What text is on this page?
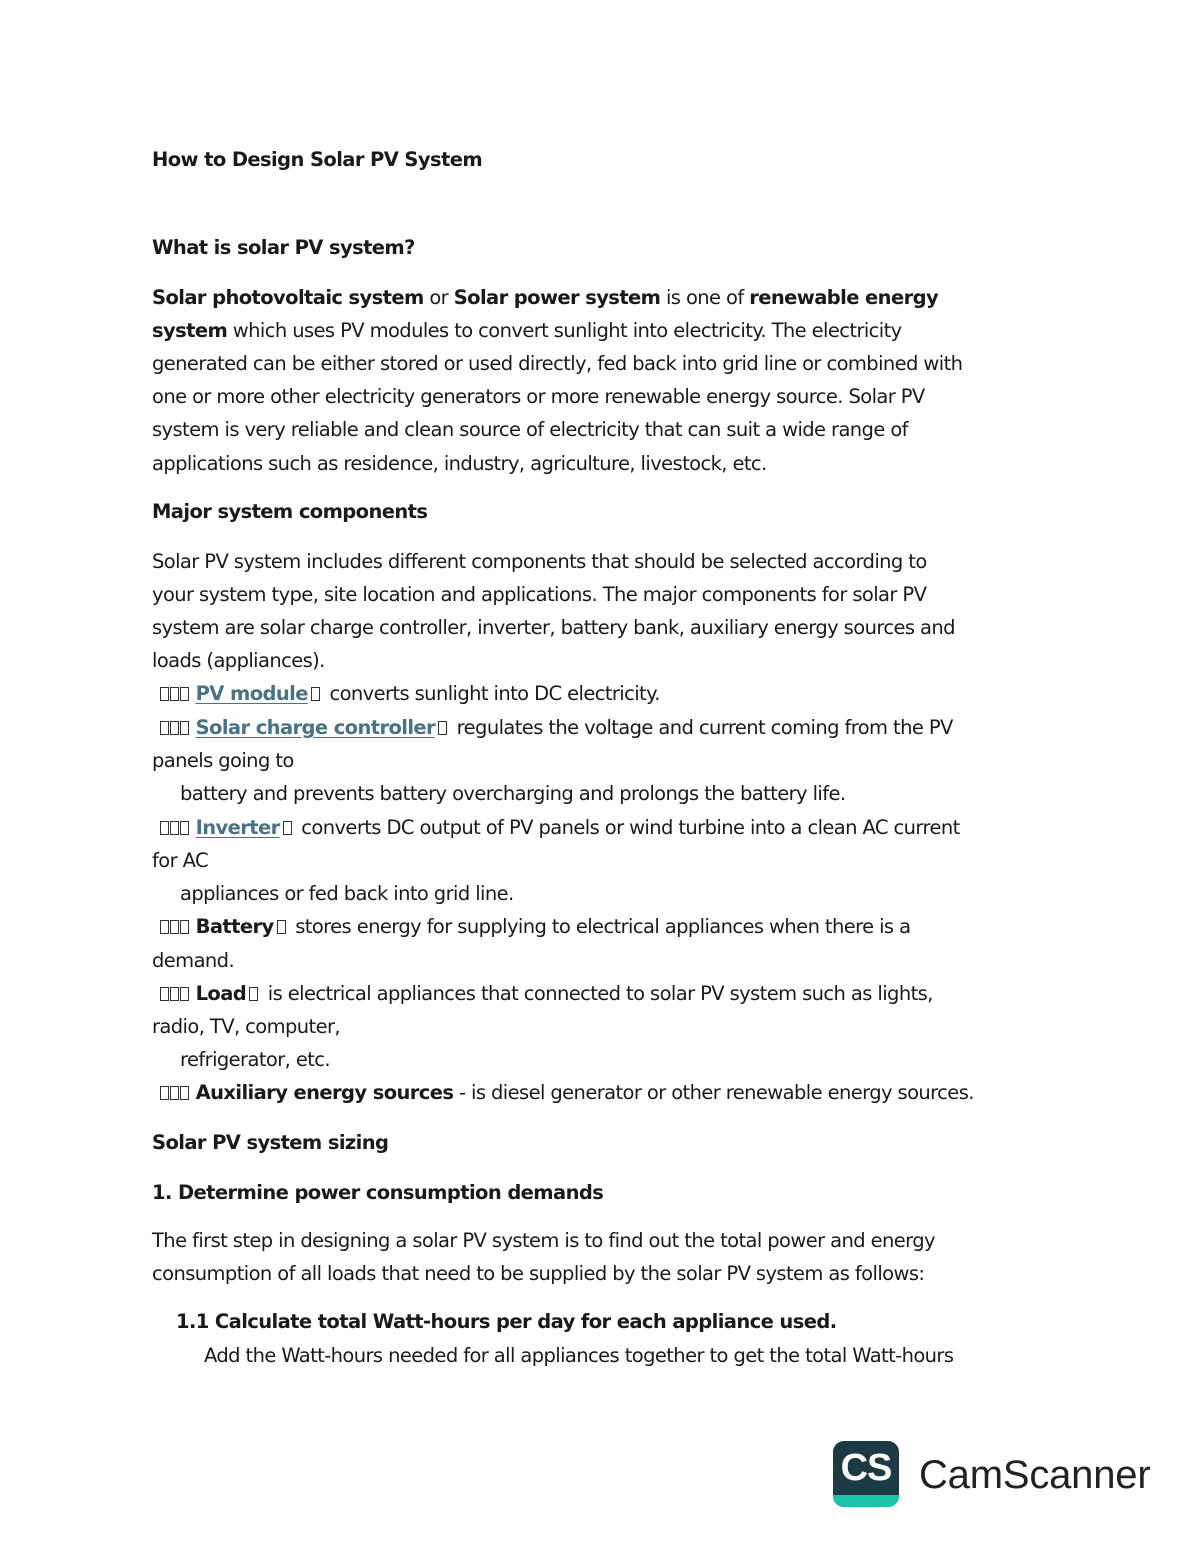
How to Design Solar PV System
What is solar PV system?
Solar photovoltaic system or Solar power system is one of renewable energy
system which uses PV modules to convert sunlight into electricity. The electricity
generated can be either stored or used directly, fed back into grid line or combined with
one or more other electricity generators or more renewable energy source. Solar PV
system is very reliable and clean source of electricity that can suit a wide range of
applications such as residence, industry, agriculture, livestock, etc.
Major system components
Solar PV system includes different components that should be selected according to
your system type, site location and applications. The major components for solar PV
system are solar charge controller, inverter, battery bank, auxiliary energy sources and
loads (appliances).
PV module converts sunlight into DC electricity.
Solar charge controller regulates the voltage and current coming from the PV
panels going to
battery and prevents battery overcharging and prolongs the battery life.
Inverter converts DC output of PV panels or wind turbine into a clean AC current
for AC
appliances or fed back into grid line.
Battery stores energy for supplying to electrical appliances when there is a
demand.
Load is electrical appliances that connected to solar PV system such as lights,
radio, TV, computer,
refrigerator, etc.
Auxiliary energy sources - is diesel generator or other renewable energy sources.
Solar PV system sizing
1. Determine power consumption demands
The first step in designing a solar PV system is to find out the total power and energy
consumption of all loads that need to be supplied by the solar PV system as follows:
1.1 Calculate total Watt-hours per day for each appliance used.
Add the Watt-hours needed for all appliances together to get the total Watt-hours
CS CamScanner
